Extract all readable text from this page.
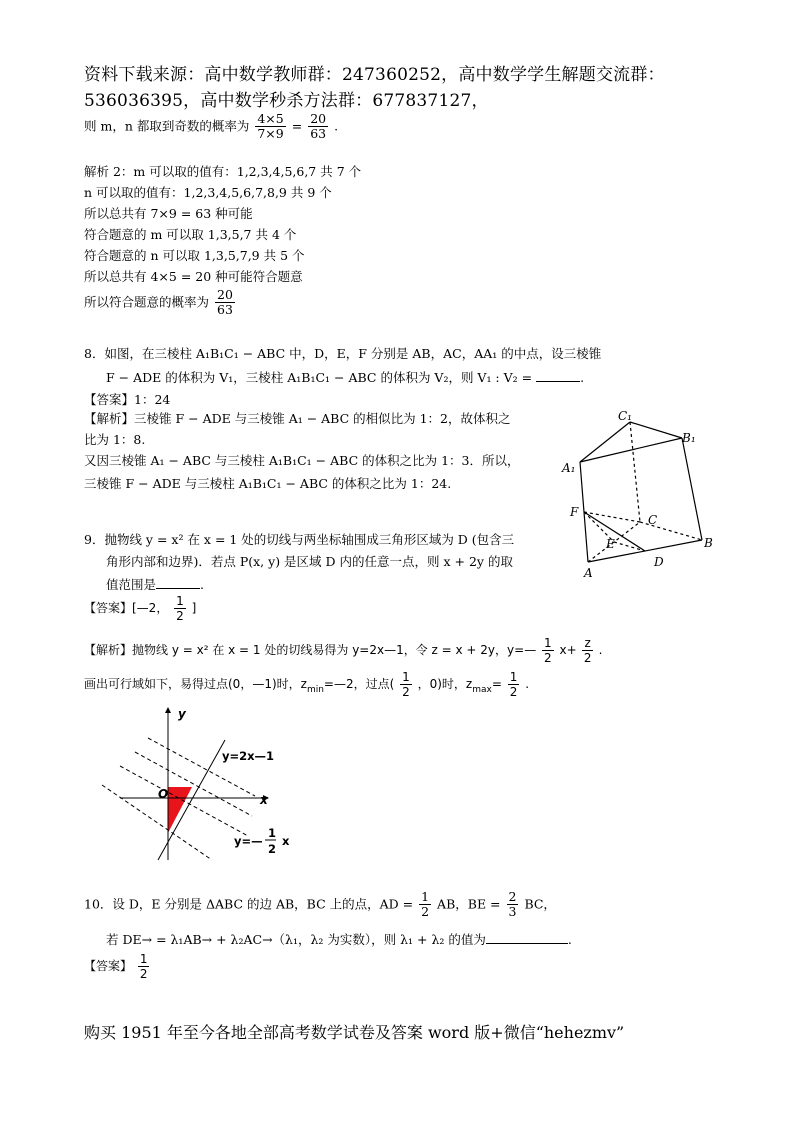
资料下载来源：高中数学教师群：247360252，高中数学学生解题交流群：
536036395，高中数学秒杀方法群：677837127，
则 m，n 都取到奇数的概率为 $\frac{4\times 5}{7\times 9} = \frac{20}{63}$ .
解析 2：m 可以取的值有：1,2,3,4,5,6,7 共 7 个
n 可以取的值有：1,2,3,4,5,6,7,8,9 共 9 个
所以总共有 7×9 = 63 种可能
符合题意的 m 可以取 1,3,5,7 共 4 个
符合题意的 n 可以取 1,3,5,7,9 共 5 个
所以总共有 4×5 = 20 种可能符合题意
所以符合题意的概率为 $\frac{20}{63}$
8．如图，在三棱柱 A₁B₁C₁ − ABC 中，D，E，F 分别是 AB，AC，AA₁ 的中点，设三棱锥
F − ADE 的体积为 V₁，三棱柱 A₁B₁C₁ − ABC 的体积为 V₂，则 V₁ : V₂ =	.
【答案】1：24
【解析】三棱锥 F − ADE 与三棱锥 A₁ − ABC 的相似比为 1：2，故体积之
比为 1：8.
又因三棱锥 A₁ − ABC 与三棱柱 A₁B₁C₁ − ABC 的体积之比为 1：3．所以，
三棱锥 F − ADE 与三棱柱 A₁B₁C₁ − ABC 的体积之比为 1：24.
C₁
B₁
A₁
F
C
E	B
A
D
9．抛物线 y = x² 在 x = 1 处的切线与两坐标轴围成三角形区域为 D (包含三
角形内部和边界)．若点 P(x, y) 是区域 D 内的任意一点，则 x + 2y 的取
值范围是	.
【答案】[—2， $\frac{1}{2}$ ]
【解析】抛物线 y = x² 在 x = 1 处的切线易得为 y=2x—1，令 z = x + 2y，y=— $\frac{1}{2} x+ \frac{z}{2}$ .
画出可行域如下，易得过点(0，—1)时，$z_{min}=—2$，过点( $\frac{1}{2}$ ，0)时，$z_{max}= \frac{1}{2}$ .
y
x
O
y=2x—1
y=—
1
2
x
10．设 D，E 分别是 ΔABC 的边 AB，BC 上的点，AD = $\frac{1}{2}$ AB，BE = $\frac{2}{3}$ BC，
若 DE→ = λ₁AB→ + λ₂AC→（λ₁，λ₂ 为实数），则 λ₁ + λ₂ 的值为	.
【答案】 $\frac{1}{2}$
购买 1951 年至今各地全部高考数学试卷及答案 word 版+微信“hehezmv”
